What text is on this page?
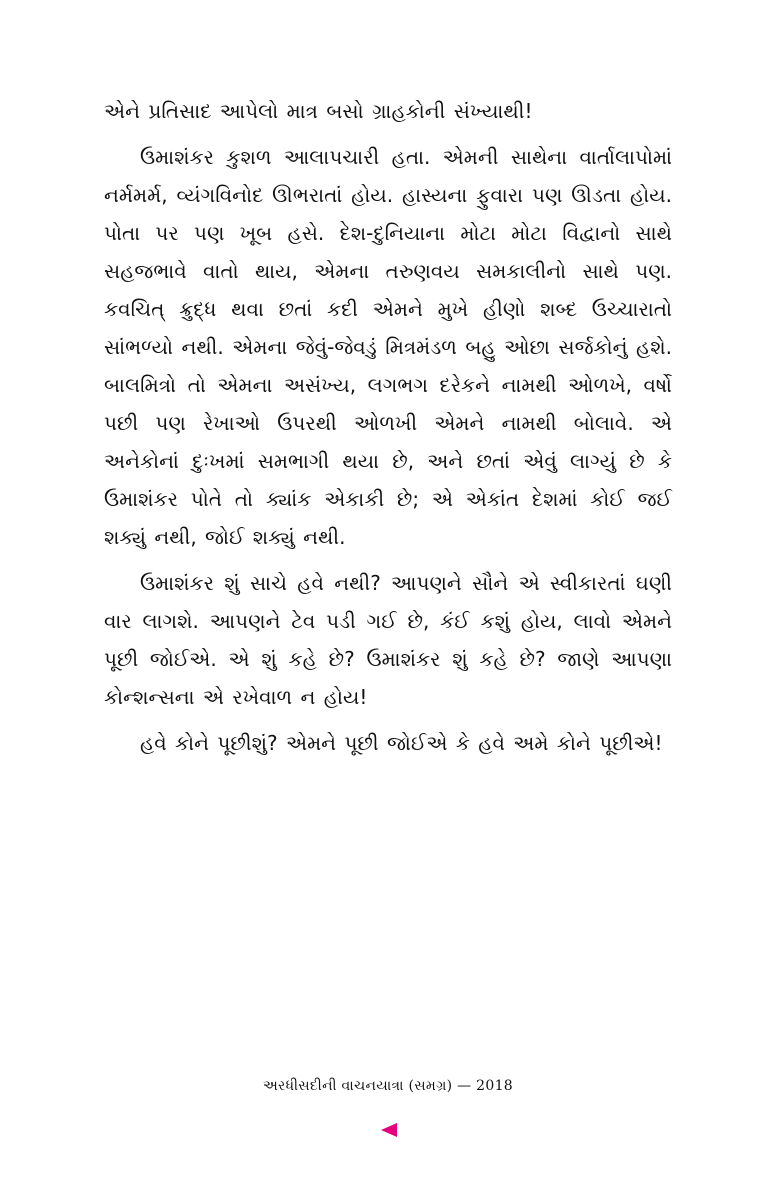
એને પ્રતિસાદ આપેલો માત્ર બસો ગ્રાહકોની સંખ્યાથી!

ઉમાશંકર કુશળ આલાપચારી હતા. એમની સાથેના વાર્તાલાપોમાં નર્મમર્મ, વ્યંગવિનોદ ઊભરાતાં હોય. હાસ્યના ફુવારા પણ ઊડતા હોય. પોતા પર પણ ખૂબ હસે. દેશ-દુનિયાના મોટા મોટા વિદ્વાનો સાથે સહજભાવે વાતો થાય, એમના તરુણવય સમકાલીનો સાથે પણ. કવચિત્ ક્રુદ્ધ થવા છતાં કદી એમને મુખે હીણો શબ્દ ઉચ્ચારાતો સાંભળ્યો નથી. એમના જેવું-જેવડું મિત્રમંડળ બહુ ઓછા સર્જકોનું હશે. બાલમિત્રો તો એમના અસંખ્ય, લગભગ દરેકને નામથી ઓળખે, વર્ષો પછી પણ રેખાઓ ઉપરથી ઓળખી એમને નામથી બોલાવે. એ અનેકોનાં દુઃખમાં સમભાગી થયા છે, અને છતાં એવું લાગ્યું છે કે ઉમાશંકર પોતે તો ક્યાંક એકાકી છે; એ એકાંત દેશમાં કોઈ જઈ શક્યું નથી, જોઈ શક્યું નથી.

ઉમાશંકર શું સાચે હવે નથી? આપણને સૌને એ સ્વીકારતાં ઘણી વાર લાગશે. આપણને ટેવ પડી ગઈ છે, કંઈ કશું હોય, લાવો એમને પૂછી જોઈએ. એ શું કહે છે? ઉમાશંકર શું કહે છે? જાણે આપણા કોન્શન્સના એ રખેવાળ ન હોય!

હવે કોને પૂછીશું? એમને પૂછી જોઈએ કે હવે અમે કોને પૂછીએ!

અરધીસદીની વાચનયાત્રા (સમગ્ર) — 2018
